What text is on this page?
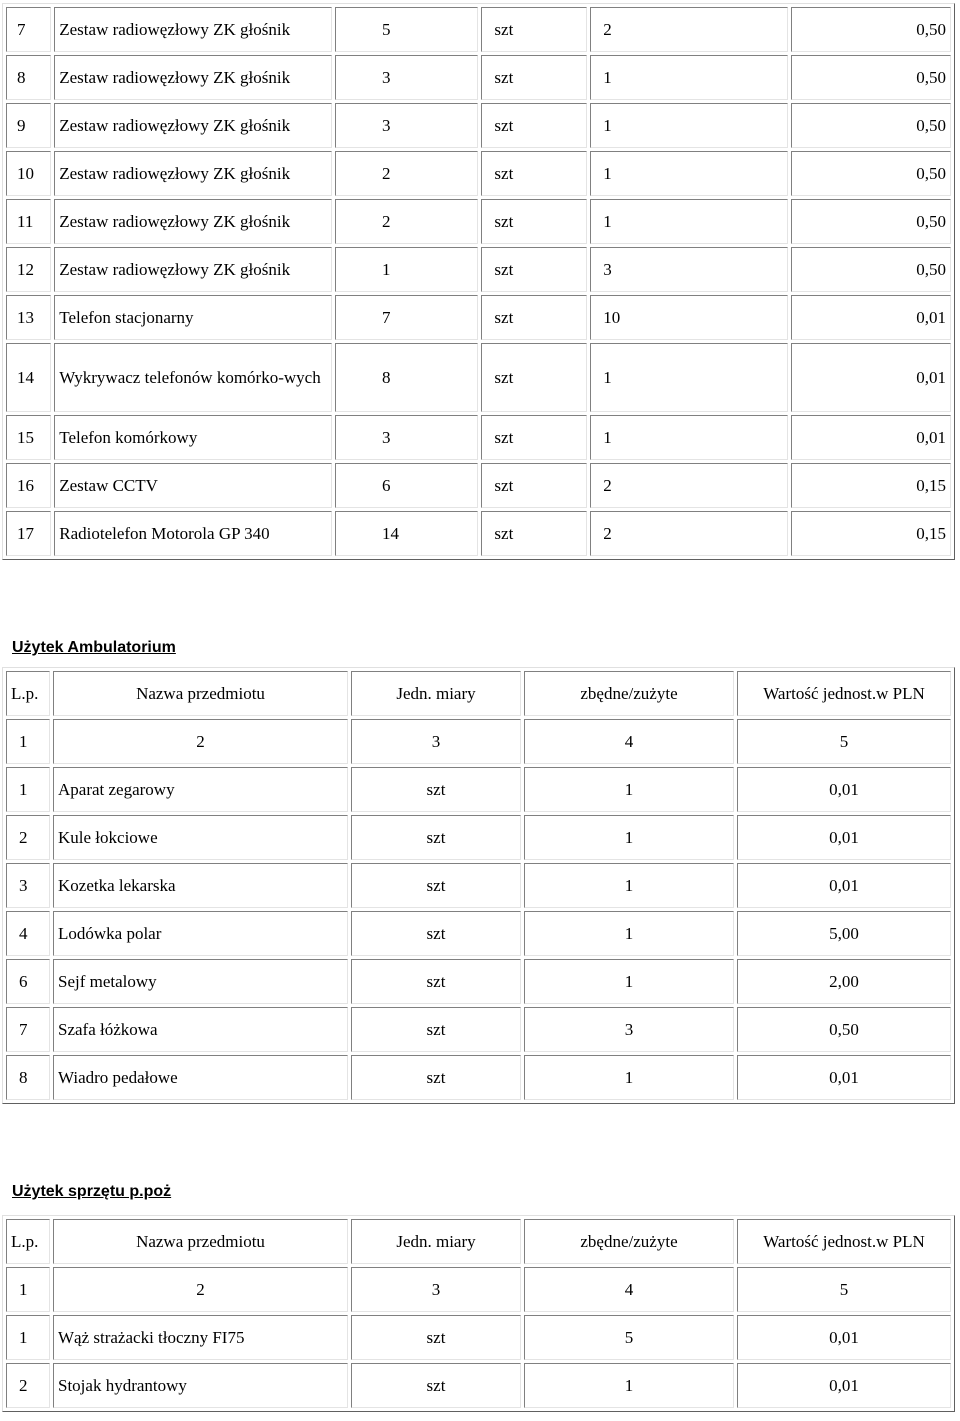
7	Zestaw radiowęzłowy ZK głośnik	5	szt	2	0,50
8	Zestaw radiowęzłowy ZK głośnik	3	szt	1	0,50
9	Zestaw radiowęzłowy ZK głośnik	3	szt	1	0,50
10	Zestaw radiowęzłowy ZK głośnik	2	szt	1	0,50
11	Zestaw radiowęzłowy ZK głośnik	2	szt	1	0,50
12	Zestaw radiowęzłowy ZK głośnik	1	szt	3	0,50
13	Telefon stacjonarny	7	szt	10	0,01
14	Wykrywacz telefonów komórko-wych	8	szt	1	0,01
15	Telefon komórkowy	3	szt	1	0,01
16	Zestaw CCTV	6	szt	2	0,15
17	Radiotelefon Motorola GP 340	14	szt	2	0,15
Użytek Ambulatorium
L.p.	Nazwa przedmiotu	Jedn. miary	zbędne/zużyte	Wartość jednost.w PLN
1	2	3	4	5
1	Aparat zegarowy	szt	1	0,01
2	Kule łokciowe	szt	1	0,01
3	Kozetka lekarska	szt	1	0,01
4	Lodówka polar	szt	1	5,00
6	Sejf metalowy	szt	1	2,00
7	Szafa łóżkowa	szt	3	0,50
8	Wiadro pedałowe	szt	1	0,01
Użytek sprzętu p.poż
L.p.	Nazwa przedmiotu	Jedn. miary	zbędne/zużyte	Wartość jednost.w PLN
1	2	3	4	5
1	Wąż strażacki tłoczny FI75	szt	5	0,01
2	Stojak hydrantowy	szt	1	0,01
